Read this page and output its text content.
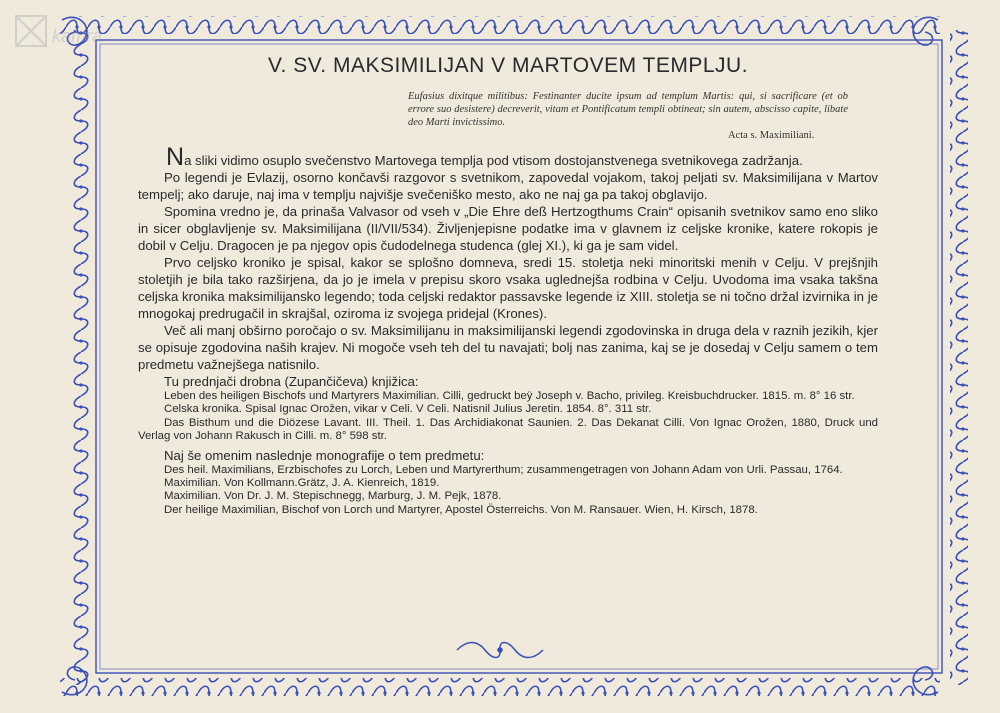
kamra
V. SV. MAKSIMILIJAN V MARTOVEM TEMPLJU.
Eufasius dixitque militibus: Festinanter ducite ipsum ad templum Martis: qui, si sacrificare (et ob errore suo desistere) decreverit, vitam et Pontificatum templi obtineat; sin autem, abscisso capite, libate deo Marti invictissimo.
Acta s. Maximiliani.

Na sliki vidimo osuplo svečenstvo Martovega templja pod vtisom dostojanstvenega svetnikovega zadržanja.

Po legendi je Evlazij, osorno končavši razgovor s svetnikom, zapovedal vojakom, takoj peljati sv. Maksimilijana v Martov tempelj; ako daruje, naj ima v templju najvišje svečeniško mesto, ako ne naj ga pa takoj obglavijo.

Spomina vredno je, da prinaša Valvasor od vseh v „Die Ehre deß Hertzogthums Crain“ opisanih svetnikov samo eno sliko in sicer obglavljenje sv. Maksimilijana (II/VII/534). Življenjepisne podatke ima v glavnem iz celjske kronike, katere rokopis je dobil v Celju. Dragocen je pa njegov opis čudodelnega studenca (glej XI.), ki ga je sam videl.

Prvo celjsko kroniko je spisal, kakor se splošno domneva, sredi 15. stoletja neki minoritski menih v Celju. V prejšnjih stoletjih je bila tako razširjena, da jo je imela v prepisu skoro vsaka uglednejša rodbina v Celju. Uvodoma ima vsaka takšna celjska kronika maksimilijansko legendo; toda celjski redaktor passavske legende iz XIII. stoletja se ni točno držal izvirnika in je mnogokaj predrugačil in skrajšal, oziroma iz svojega pridejal (Krones).

Več ali manj obširno poročajo o sv. Maksimilijanu in maksimilijanski legendi zgodovinska in druga dela v raznih jezikih, kjer se opisuje zgodovina naših krajev. Ni mogoče vseh teh del tu navajati; bolj nas zanima, kaj se je dosedaj v Celju samem o tem predmetu važnejšega natisnilo.

Tu prednjači drobna (Zupančičeva) knjižica:

Leben des heiligen Bischofs und Martyrers Maximilian. Cilli, gedruckt beÿ Joseph v. Bacho, privileg. Kreisbuchdrucker. 1815. m. 8° 16 str.

Celska kronika. Spisal Ignac Orožen, vikar v Celi. V Celi. Natisnil Julius Jeretin. 1854. 8°. 311 str.

Das Bisthum und die Diözese Lavant. III. Theil. 1. Das Archidiakonat Saunien. 2. Das Dekanat Cilli. Von Ignac Orožen, 1880, Druck und Verlag von Johann Rakusch in Cilli. m. 8° 598 str.

Naj še omenim naslednje monografije o tem predmetu:

Des heil. Maximilians, Erzbischofes zu Lorch, Leben und Martyrerthum; zusammengetragen von Johann Adam von Urli. Passau, 1764.

Maximilian. Von Kollmann.Grätz, J. A. Kienreich, 1819.

Maximilian. Von Dr. J. M. Stepischnegg, Marburg, J. M. Pejk, 1878.

Der heilige Maximilian, Bischof von Lorch und Martyrer, Apostel Österreichs. Von M. Ransauer. Wien, H. Kirsch, 1878.
